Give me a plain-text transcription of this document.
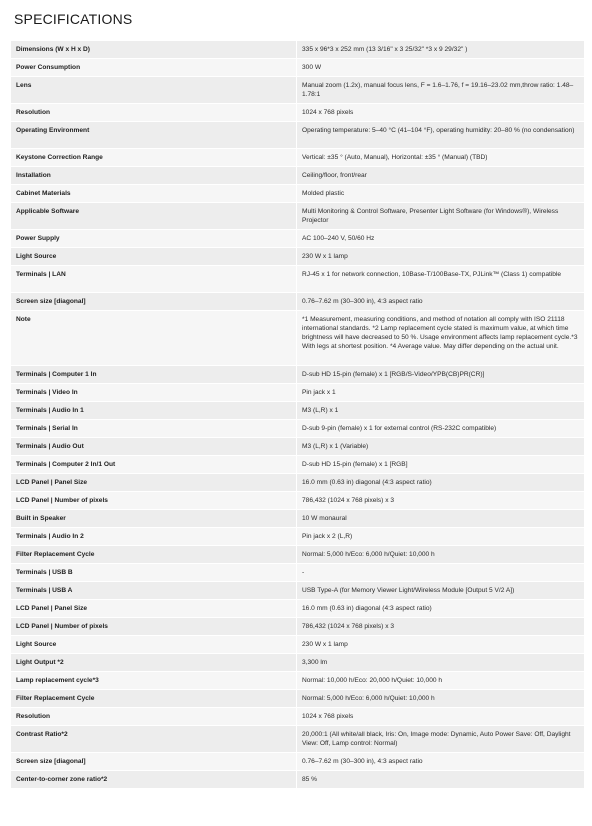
SPECIFICATIONS
Dimensions (W x H x D)	335 x 96*3 x 252 mm (13 3/16" x 3 25/32" *3 x 9 29/32" )

Power Consumption	300 W

Lens	Manual zoom (1.2x), manual focus lens, F = 1.6–1.76, f = 19.16–23.02 mm,throw ratio: 1.48–1.78:1

Resolution	1024 x 768 pixels

Operating Environment	Operating temperature: 5–40 °C (41–104 °F), operating humidity: 20–80 % (no condensation)

Keystone Correction Range	Vertical: ±35 ° (Auto, Manual), Horizontal: ±35 ° (Manual) (TBD)

Installation	Ceiling/floor, front/rear

Cabinet Materials	Molded plastic

Applicable Software	Multi Monitoring & Control Software, Presenter Light Software (for Windows®), Wireless Projector

Power Supply	AC 100–240 V, 50/60 Hz

Light Source	230 W x 1 lamp

Terminals | LAN	RJ-45 x 1 for network connection, 10Base-T/100Base-TX, PJLink™ (Class 1) compatible

Screen size [diagonal]	0.76–7.62 m (30–300 in), 4:3 aspect ratio

Note	*1 Measurement, measuring conditions, and method of notation all comply with ISO 21118 international standards. *2 Lamp replacement cycle stated is maximum value, at which time brightness will have decreased to 50 %. Usage environment affects lamp replacement cycle.*3 With legs at shortest position. *4 Average value. May differ depending on the actual unit.

Terminals | Computer 1 In	D-sub HD 15-pin (female) x 1 [RGB/S-Video/YPB(CB)PR(CR)]

Terminals | Video In	Pin jack x 1

Terminals | Audio In 1	M3 (L,R) x 1

Terminals | Serial In	D-sub 9-pin (female) x 1 for external control (RS-232C compatible)

Terminals | Audio Out	M3 (L,R) x 1 (Variable)

Terminals | Computer 2 In/1 Out	D-sub HD 15-pin (female) x 1 [RGB]

LCD Panel | Panel Size	16.0 mm (0.63 in) diagonal (4:3 aspect ratio)

LCD Panel | Number of pixels	786,432 (1024 x 768 pixels) x 3

Built in Speaker	10 W monaural

Terminals | Audio In 2	Pin jack x 2 (L,R)

Filter Replacement Cycle	Normal: 5,000 h/Eco: 6,000 h/Quiet: 10,000 h

Terminals | USB B	-

Terminals | USB A	USB Type-A (for Memory Viewer Light/Wireless Module [Output 5 V/2 A])

LCD Panel | Panel Size	16.0 mm (0.63 in) diagonal (4:3 aspect ratio)

LCD Panel | Number of pixels	786,432 (1024 x 768 pixels) x 3

Light Source	230 W x 1 lamp

Light Output *2	3,300 lm

Lamp replacement cycle*3	Normal: 10,000 h/Eco: 20,000 h/Quiet: 10,000 h

Filter Replacement Cycle	Normal: 5,000 h/Eco: 6,000 h/Quiet: 10,000 h

Resolution	1024 x 768 pixels

Contrast Ratio*2	20,000:1 (All white/all black, Iris: On, Image mode: Dynamic, Auto Power Save: Off, Daylight View: Off, Lamp control: Normal)

Screen size [diagonal]	0.76–7.62 m (30–300 in), 4:3 aspect ratio

Center-to-corner zone ratio*2	85 %
